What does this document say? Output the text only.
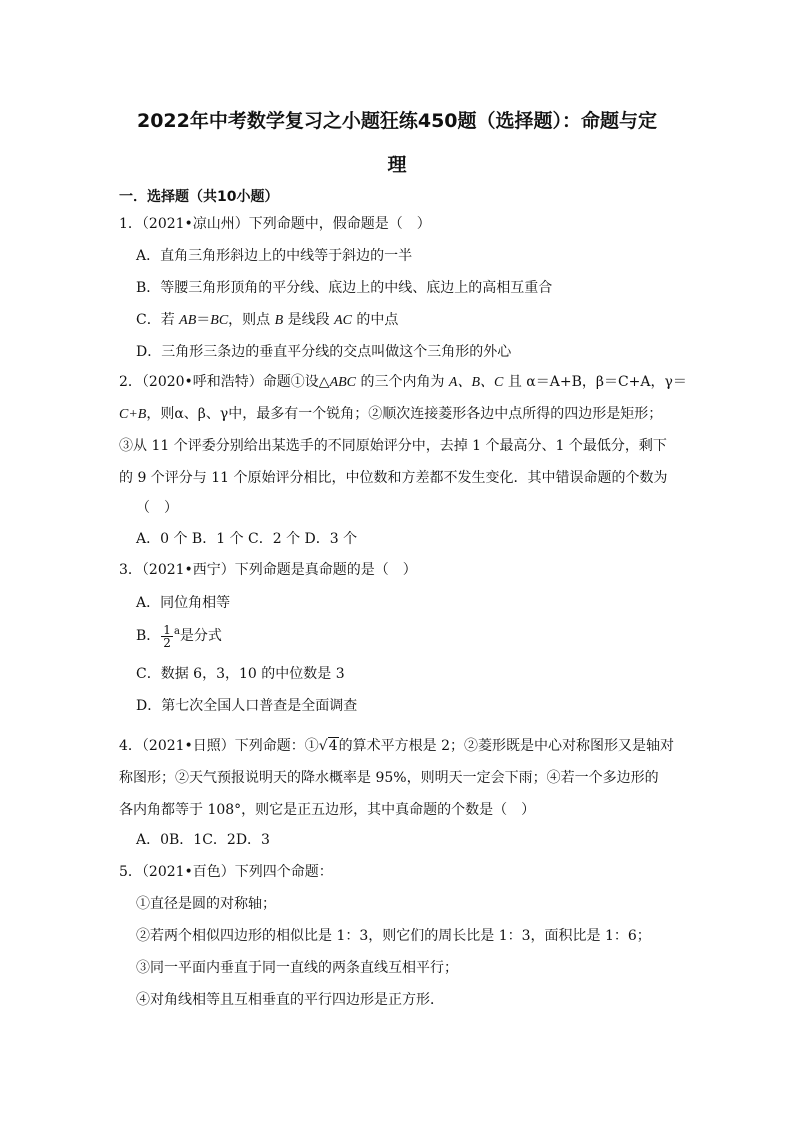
2022年中考数学复习之小题狂练450题（选择题）：命题与定
理
一．选择题（共10小题）
1．（2021•凉山州）下列命题中，假命题是（　）
A．直角三角形斜边上的中线等于斜边的一半
B．等腰三角形顶角的平分线、底边上的中线、底边上的高相互重合
C．若 AB＝BC，则点 B 是线段 AC 的中点
D．三角形三条边的垂直平分线的交点叫做这个三角形的外心
2．（2020•呼和浩特）命题①设△ABC 的三个内角为 A、B、C 且 α＝A+B，β＝C+A，γ＝
C+B，则α、β、γ中，最多有一个锐角；②顺次连接菱形各边中点所得的四边形是矩形；
③从 11 个评委分别给出某选手的不同原始评分中，去掉 1 个最高分、1 个最低分，剩下
的 9 个评分与 11 个原始评分相比，中位数和方差都不发生变化．其中错误命题的个数为
（　）
A．0 个 B．1 个 C．2 个 D．3 个
3．（2021•西宁）下列命题是真命题的是（　）
A．同位角相等
B． $\frac{1}{2} ^a$是分式
C．数据 6，3，10 的中位数是 3
D．第七次全国人口普查是全面调查
4．（2021•日照）下列命题：①√4的算术平方根是 2；②菱形既是中心对称图形又是轴对
称图形；②天气预报说明天的降水概率是 95%，则明天一定会下雨；④若一个多边形的
各内角都等于 108°，则它是正五边形，其中真命题的个数是（　）
A．0B．1C．2D．3
5．（2021•百色）下列四个命题：
①直径是圆的对称轴；
②若两个相似四边形的相似比是 1：3，则它们的周长比是 1：3，面积比是 1：6；
③同一平面内垂直于同一直线的两条直线互相平行；
④对角线相等且互相垂直的平行四边形是正方形．
